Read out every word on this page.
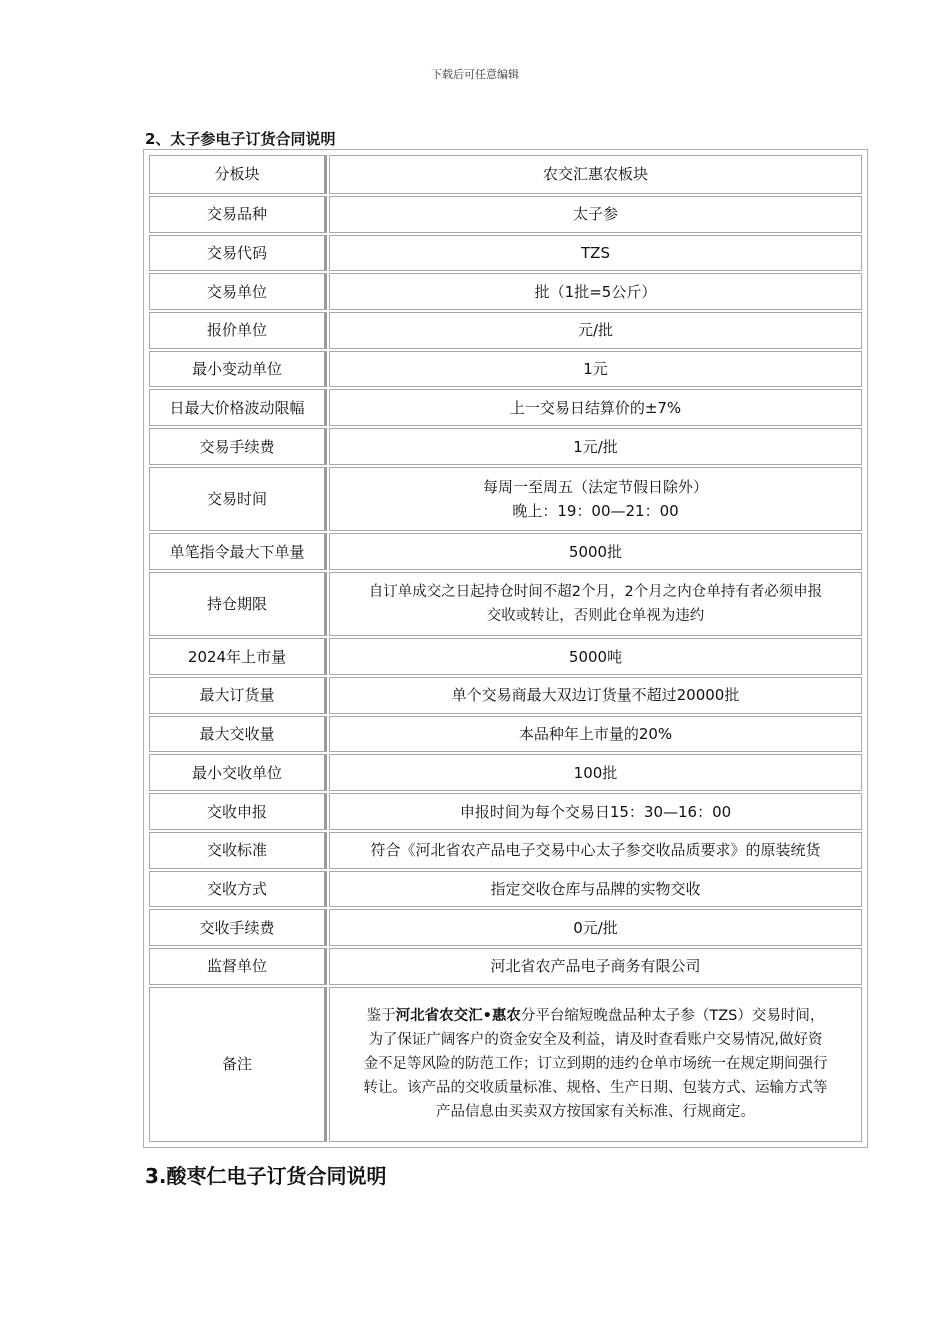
下载后可任意编辑
2、太子参电子订货合同说明
分板块	农交汇惠农板块
交易品种	太子参
交易代码	TZS
交易单位	批（1批=5公斤）
报价单位	元/批
最小变动单位	1元
日最大价格波动限幅	上一交易日结算价的±7%
交易手续费	1元/批
交易时间	每周一至周五（法定节假日除外）
晚上：19：00—21：00

单笔指令最大下单量	5000批
持仓期限	自订单成交之日起持仓时间不超2个月，2个月之内仓单持有者必须申报
交收或转让，否则此仓单视为违约

2024年上市量	5000吨
最大订货量	单个交易商最大双边订货量不超过20000批
最大交收量	本品种年上市量的20%
最小交收单位	100批
交收申报	申报时间为每个交易日15：30—16：00
交收标准	符合《河北省农产品电子交易中心太子参交收品质要求》的原装统货
交收方式	指定交收仓库与品牌的实物交收
交收手续费	0元/批
监督单位	河北省农产品电子商务有限公司
备注	鉴于河北省农交汇•惠农分平台缩短晚盘品种太子参（TZS）交易时间，
为了保证广阔客户的资金安全及利益，请及时查看账户交易情况,做好资
金不足等风险的防范工作；订立到期的违约仓单市场统一在规定期间强行
转让。该产品的交收质量标准、规格、生产日期、包装方式、运输方式等
产品信息由买卖双方按国家有关标准、行规商定。
3.酸枣仁电子订货合同说明
